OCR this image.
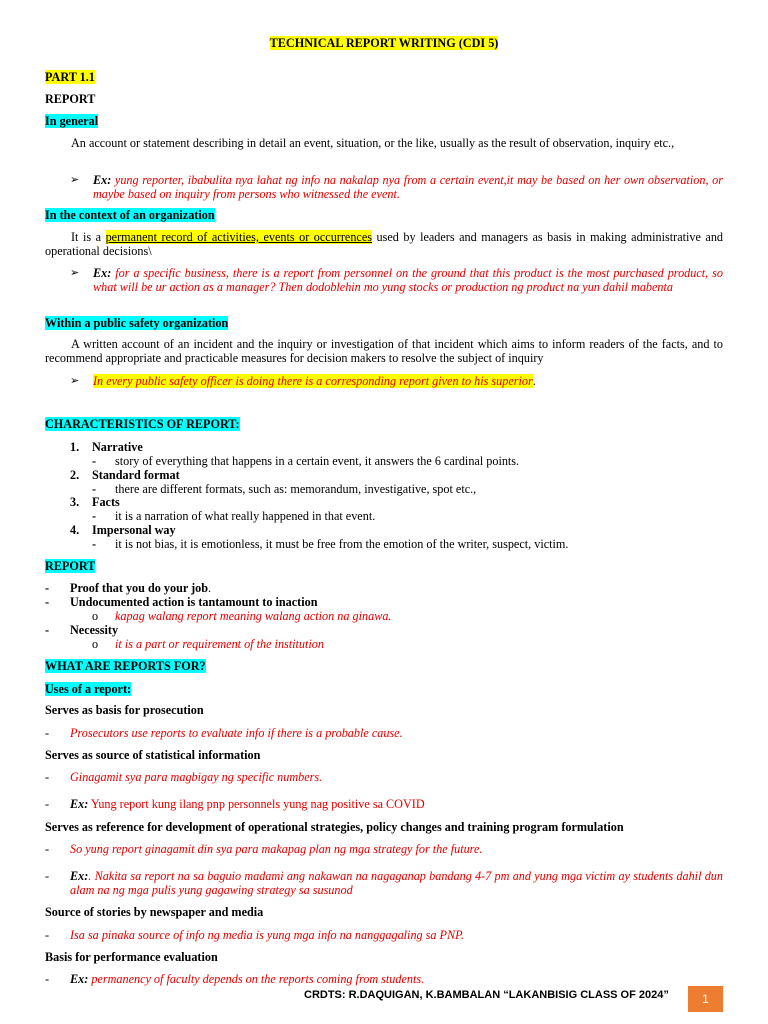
TECHNICAL REPORT WRITING (CDI 5)
PART 1.1
REPORT
In general
An account or statement describing in detail an event, situation, or the like, usually as the result of observation, inquiry etc.,
➢ Ex: yung reporter, ibabulita nya lahat ng info na nakalap nya from a certain event,it may be based on her own observation, or maybe based on inquiry from persons who witnessed the event.
In the context of an organization
It is a permanent record of activities, events or occurrences used by leaders and managers as basis in making administrative and operational decisions\
➢ Ex: for a specific business, there is a report from personnel on the ground that this product is the most purchased product, so what will be ur action as a manager? Then dodoblehin mo yung stocks or production ng product na yun dahil mabenta
Within a public safety organization
A written account of an incident and the inquiry or investigation of that incident which aims to inform readers of the facts, and to recommend appropriate and practicable measures for decision makers to resolve the subject of inquiry
➢ In every public safety officer is doing there is a corresponding report given to his superior.
CHARACTERISTICS OF REPORT:
1. Narrative
- story of everything that happens in a certain event, it answers the 6 cardinal points.
2. Standard format
- there are different formats, such as: memorandum, investigative, spot etc.,
3. Facts
- it is a narration of what really happened in that event.
4. Impersonal way
- it is not bias, it is emotionless, it must be free from the emotion of the writer, suspect, victim.
REPORT
- Proof that you do your job.
- Undocumented action is tantamount to inaction
o kapag walang report meaning walang action na ginawa.
- Necessity
o it is a part or requirement of the institution
WHAT ARE REPORTS FOR?
Uses of a report:
Serves as basis for prosecution
- Prosecutors use reports to evaluate info if there is a probable cause.
Serves as source of statistical information
- Ginagamit sya para magbigay ng specific numbers.
- Ex: Yung report kung ilang pnp personnels yung nag positive sa COVID
Serves as reference for development of operational strategies, policy changes and training program formulation
- So yung report ginagamit din sya para makapag plan ng mga strategy for the future.
- Ex:. Nakita sa report na sa baguio madami ang nakawan na nagaganap bandang 4-7 pm and yung mga victim ay students dahil dun alam na ng mga pulis yung gagawing strategy sa susunod
Source of stories by newspaper and media
- Isa sa pinaka source of info ng media is yung mga info na nanggagaling sa PNP.
Basis for performance evaluation
- Ex: permanency of faculty depends on the reports coming from students.
CRDTS: R.DAQUIGAN, K.BAMBALAN “LAKANBISIG CLASS OF 2024”	1
